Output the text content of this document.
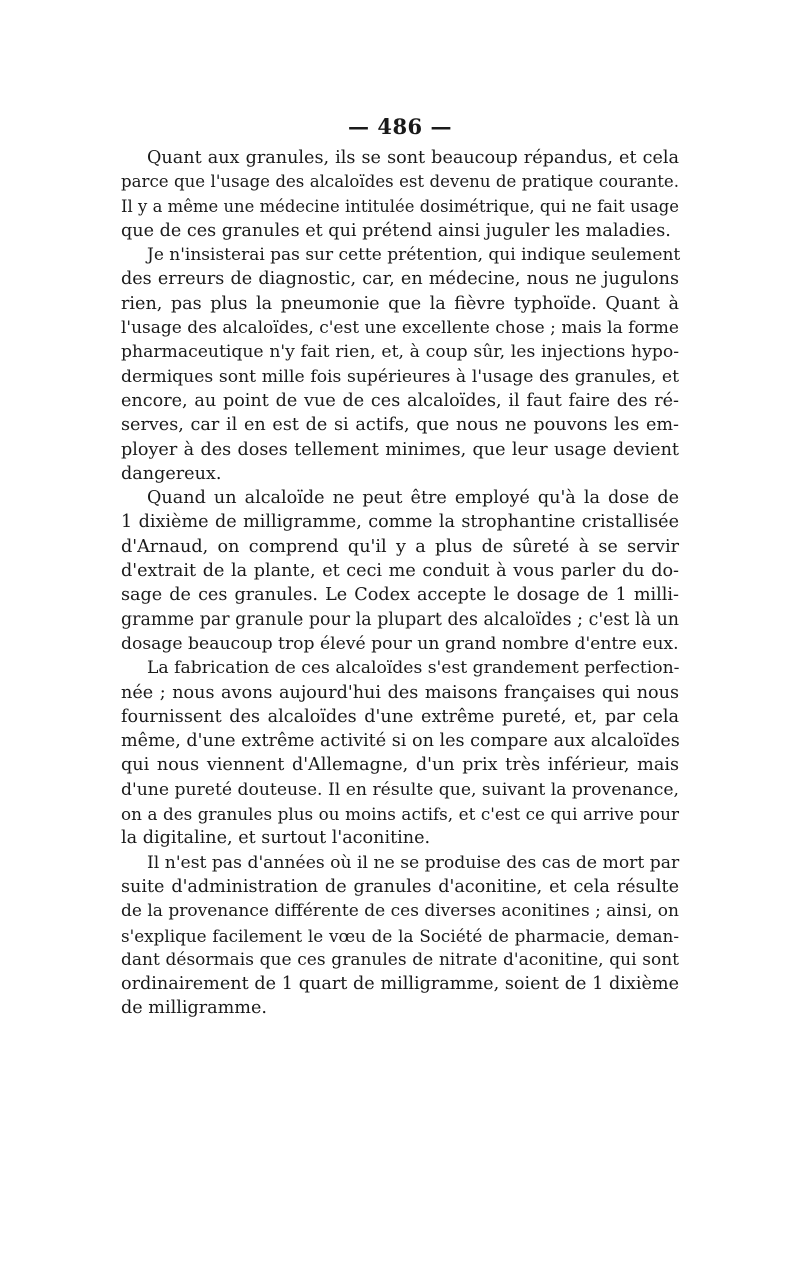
— 486 —
Quant aux granules, ils se sont beaucoup répandus, et cela
parce que l'usage des alcaloïdes est devenu de pratique courante.
Il y a même une médecine intitulée dosimétrique, qui ne fait usage
que de ces granules et qui prétend ainsi juguler les maladies.
Je n'insisterai pas sur cette prétention, qui indique seulement
des erreurs de diagnostic, car, en médecine, nous ne jugulons
rien, pas plus la pneumonie que la fièvre typhoïde. Quant à
l'usage des alcaloïdes, c'est une excellente chose ; mais la forme
pharmaceutique n'y fait rien, et, à coup sûr, les injections hypo-
dermiques sont mille fois supérieures à l'usage des granules, et
encore, au point de vue de ces alcaloïdes, il faut faire des ré-
serves, car il en est de si actifs, que nous ne pouvons les em-
ployer à des doses tellement minimes, que leur usage devient
dangereux.
Quand un alcaloïde ne peut être employé qu'à la dose de
1 dixième de milligramme, comme la strophantine cristallisée
d'Arnaud, on comprend qu'il y a plus de sûreté à se servir
d'extrait de la plante, et ceci me conduit à vous parler du do-
sage de ces granules. Le Codex accepte le dosage de 1 milli-
gramme par granule pour la plupart des alcaloïdes ; c'est là un
dosage beaucoup trop élevé pour un grand nombre d'entre eux.
La fabrication de ces alcaloïdes s'est grandement perfection-
née ; nous avons aujourd'hui des maisons françaises qui nous
fournissent des alcaloïdes d'une extrême pureté, et, par cela
même, d'une extrême activité si on les compare aux alcaloïdes
qui nous viennent d'Allemagne, d'un prix très inférieur, mais
d'une pureté douteuse. Il en résulte que, suivant la provenance,
on a des granules plus ou moins actifs, et c'est ce qui arrive pour
la digitaline, et surtout l'aconitine.
Il n'est pas d'années où il ne se produise des cas de mort par
suite d'administration de granules d'aconitine, et cela résulte
de la provenance différente de ces diverses aconitines ; ainsi, on
s'explique facilement le vœu de la Société de pharmacie, deman-
dant désormais que ces granules de nitrate d'aconitine, qui sont
ordinairement de 1 quart de milligramme, soient de 1 dixième
de milligramme.
